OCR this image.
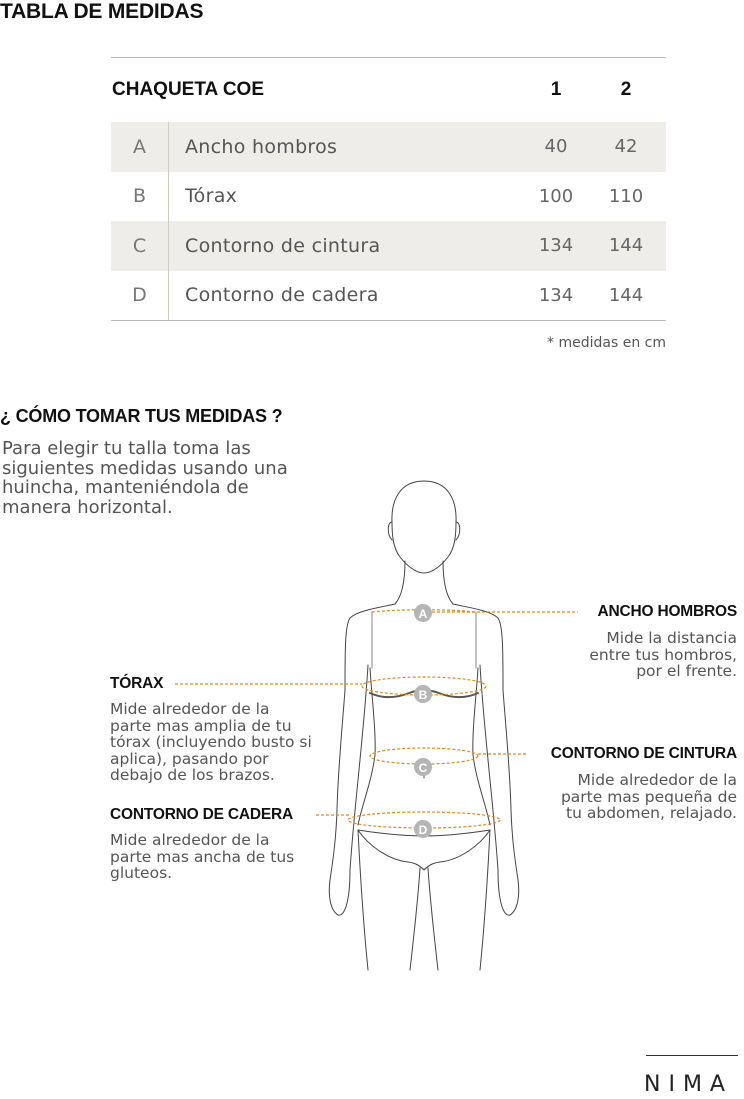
TABLA DE MEDIDAS
CHAQUETA COE	1	2
A	Ancho hombros	40	42
B	Tórax	100	110
C	Contorno de cintura	134	144
D	Contorno de cadera	134	144
* medidas en cm
¿ CÓMO TOMAR TUS MEDIDAS ?
Para elegir tu talla toma las
siguientes medidas usando una
huincha, manteniéndola de
manera horizontal.
A
B
C
D
ANCHO HOMBROS
Mide la distancia
entre tus hombros,
por el frente.
TÓRAX
Mide alrededor de la
parte mas amplia de tu
tórax (incluyendo busto si
aplica), pasando por
debajo de los brazos.
CONTORNO DE CINTURA
Mide alrededor de la
parte mas pequeña de
tu abdomen, relajado.
CONTORNO DE CADERA
Mide alrededor de la
parte mas ancha de tus
gluteos.
NIMA
